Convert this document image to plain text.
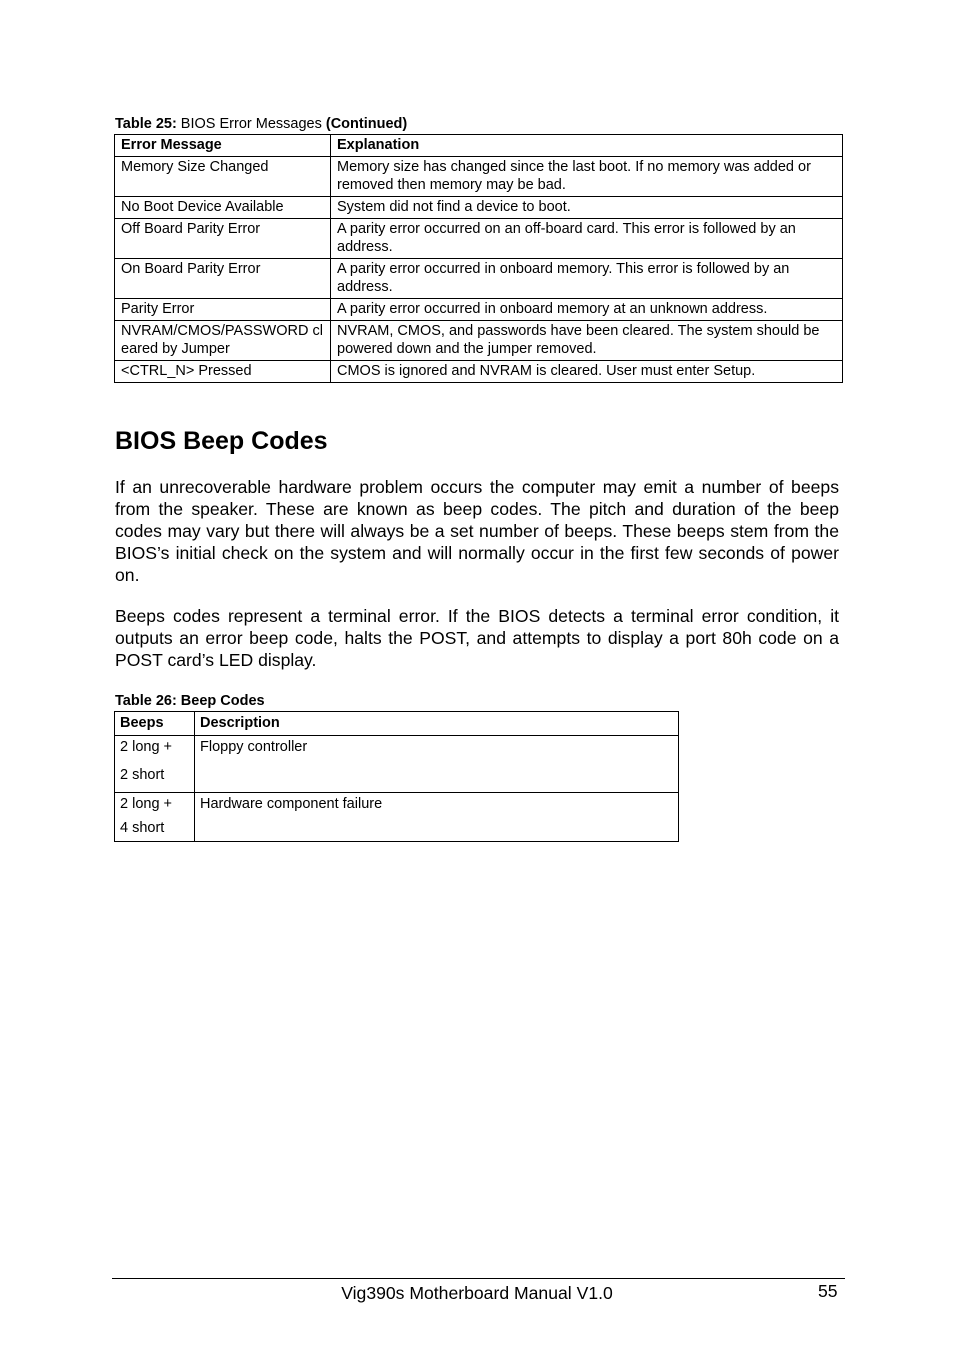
Table 25: BIOS Error Messages (Continued)
Error Message	Explanation
Memory Size Changed	Memory size has changed since the last boot. If no memory was added or removed then memory may be bad.
No Boot Device Available	System did not find a device to boot.
Off Board Parity Error	A parity error occurred on an off-board card. This error is followed by an address.
On Board Parity Error	A parity error occurred in onboard memory. This error is followed by an address.
Parity Error	A parity error occurred in onboard memory at an unknown address.
NVRAM/CMOS/PASSWORD cleared by Jumper	NVRAM, CMOS, and passwords have been cleared. The system should be powered down and the jumper removed.
<CTRL_N> Pressed	CMOS is ignored and NVRAM is cleared. User must enter Setup.
BIOS Beep Codes

If an unrecoverable hardware problem occurs the computer may emit a number of beeps from the speaker. These are known as beep codes. The pitch and duration of the beep codes may vary but there will always be a set number of beeps. These beeps stem from the BIOS’s initial check on the system and will normally occur in the first few seconds of power on.

Beeps codes represent a terminal error. If the BIOS detects a terminal error condition, it outputs an error beep code, halts the POST, and attempts to display a port 80h code on a POST card’s LED display.

Table 26: Beep Codes
Beeps	Description

2 long +
2 short	Floppy controller

2 long +
4 short	Hardware component failure
Vig390s Motherboard Manual V1.0	55
